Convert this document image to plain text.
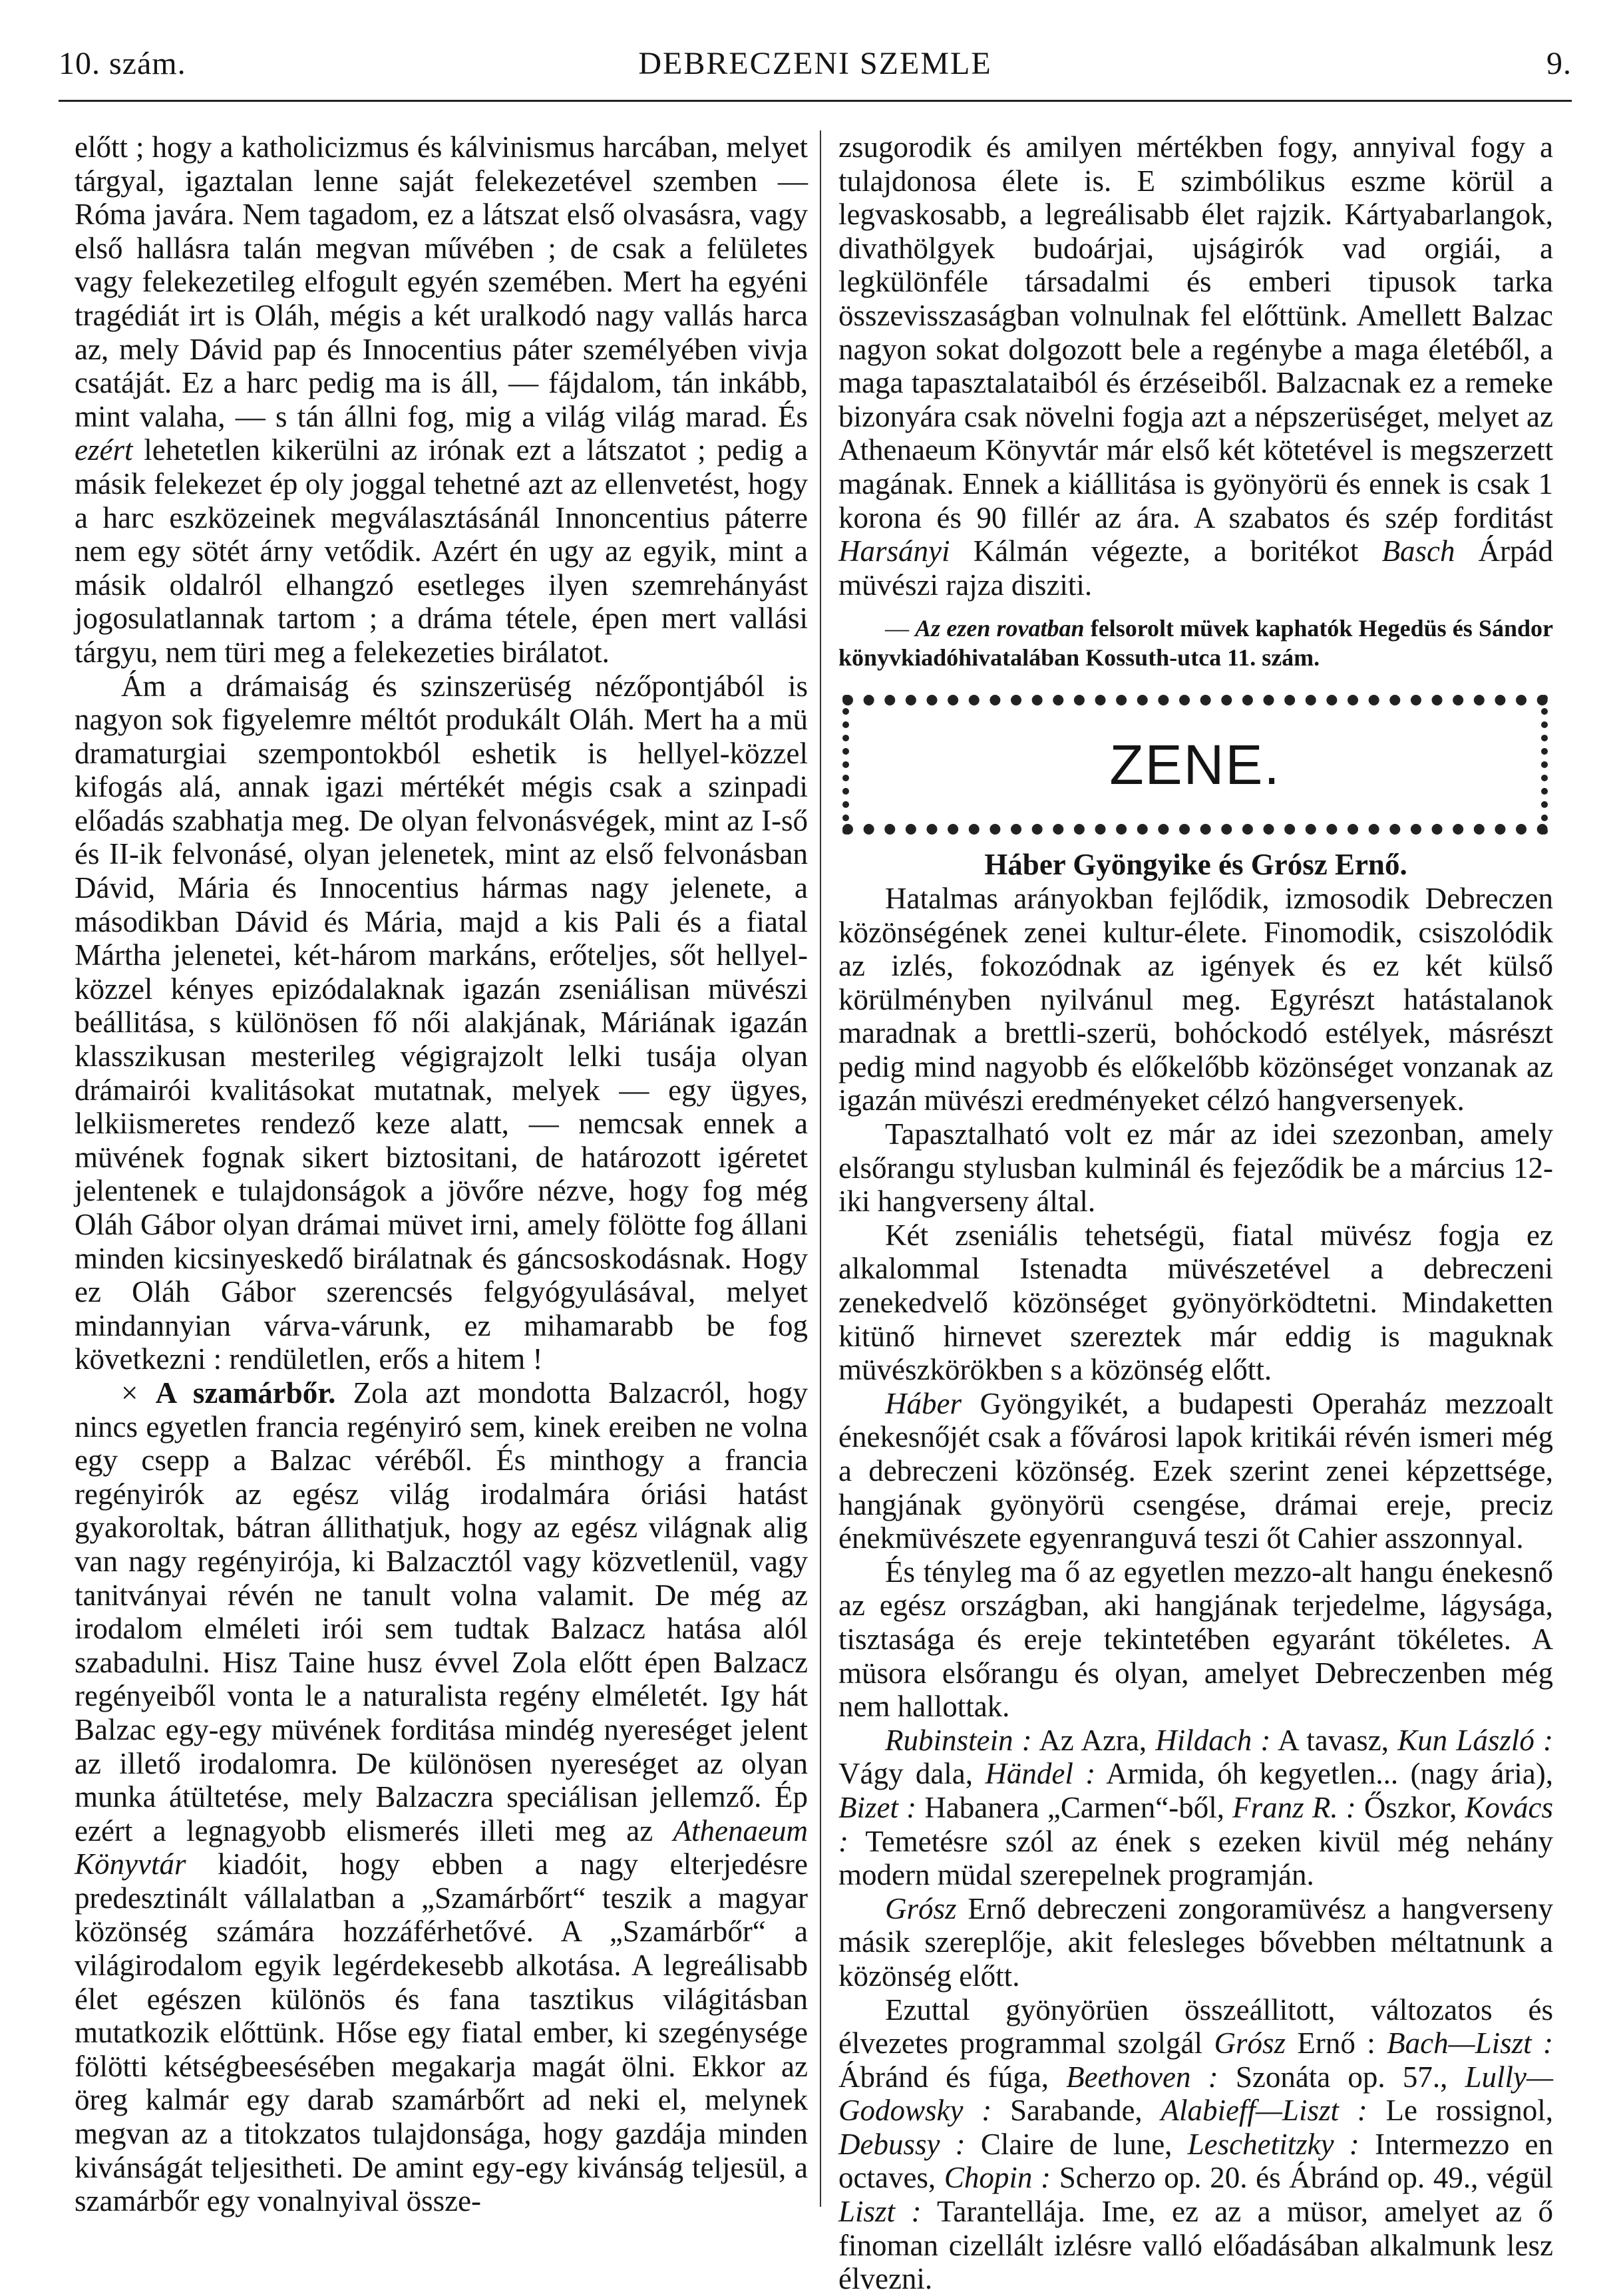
10. szám.	DEBRECZENI SZEMLE	9.

előtt ; hogy a katholicizmus és kálvinismus harcában, melyet tárgyal, igaztalan lenne saját felekezetével szemben — Róma javára. Nem tagadom, ez a látszat első olvasásra, vagy első hallásra talán megvan művében ; de csak a felületes vagy felekezetileg elfogult egyén szemében. Mert ha egyéni tragédiát irt is Oláh, mégis a két uralkodó nagy vallás harca az, mely Dávid pap és Innocentius páter személyében vivja csatáját. Ez a harc pedig ma is áll, — fájdalom, tán inkább, mint valaha, — s tán állni fog, mig a világ világ marad. És ezért lehetetlen kikerülni az irónak ezt a látszatot ; pedig a másik felekezet ép oly joggal tehetné azt az ellenvetést, hogy a harc eszközeinek megválasztásánál Innoncentius páterre nem egy sötét árny vetődik. Azért én ugy az egyik, mint a másik oldalról elhangzó esetleges ilyen szemrehányást jogosulatlannak tartom ; a dráma tétele, épen mert vallási tárgyu, nem türi meg a felekezeties birálatot.

Ám a drámaiság és szinszerüség nézőpontjából is nagyon sok figyelemre méltót produkált Oláh. Mert ha a mü dramaturgiai szempontokból eshetik is hellyel-közzel kifogás alá, annak igazi mértékét mégis csak a szinpadi előadás szabhatja meg. De olyan felvonásvégek, mint az I-ső és II-ik felvonásé, olyan jelenetek, mint az első felvonásban Dávid, Mária és Innocentius hármas nagy jelenete, a másodikban Dávid és Mária, majd a kis Pali és a fiatal Mártha jelenetei, két-három markáns, erőteljes, sőt hellyel-közzel kényes epizódalaknak igazán zseniálisan müvészi beállitása, s különösen fő női alakjának, Máriának igazán klasszikusan mesterileg végigrajzolt lelki tusája olyan drámairói kvalitásokat mutatnak, melyek — egy ügyes, lelkiismeretes rendező keze alatt, — nemcsak ennek a müvének fognak sikert biztositani, de határozott igéretet jelentenek e tulajdonságok a jövőre nézve, hogy fog még Oláh Gábor olyan drámai müvet irni, amely fölötte fog állani minden kicsinyeskedő birálatnak és gáncsoskodásnak. Hogy ez Oláh Gábor szerencsés felgyógyulásával, melyet mindannyian várva-várunk, ez mihamarabb be fog következni : rendületlen, erős a hitem !

× A szamárbőr. Zola azt mondotta Balzacról, hogy nincs egyetlen francia regényiró sem, kinek ereiben ne volna egy csepp a Balzac véréből. És minthogy a francia regényirók az egész világ irodalmára óriási hatást gyakoroltak, bátran állithatjuk, hogy az egész világnak alig van nagy regényirója, ki Balzacztól vagy közvetlenül, vagy tanitványai révén ne tanult volna valamit. De még az irodalom elméleti irói sem tudtak Balzacz hatása alól szabadulni. Hisz Taine husz évvel Zola előtt épen Balzacz regényeiből vonta le a naturalista regény elméletét. Igy hát Balzac egy-egy müvének forditása mindég nyereséget jelent az illető irodalomra. De különösen nyereséget az olyan munka átültetése, mely Balzaczra speciálisan jellemző. Ép ezért a legnagyobb elismerés illeti meg az Athenaeum Könyvtár kiadóit, hogy ebben a nagy elterjedésre predesztinált vállalatban a „Szamárbőrt“ teszik a magyar közönség számára hozzáférhetővé. A „Szamárbőr“ a világirodalom egyik legérdekesebb alkotása. A legreálisabb élet egészen különös és fana tasztikus világitásban mutatkozik előttünk. Hőse egy fiatal ember, ki szegénysége fölötti kétségbeesésében megakarja magát ölni. Ekkor az öreg kalmár egy darab szamárbőrt ad neki el, melynek megvan az a titokzatos tulajdonsága, hogy gazdája minden kivánságát teljesitheti. De amint egy-egy kivánság teljesül, a szamárbőr egy vonalnyival össze-

zsugorodik és amilyen mértékben fogy, annyival fogy a tulajdonosa élete is. E szimbólikus eszme körül a legvaskosabb, a legreálisabb élet rajzik. Kártyabarlangok, divathölgyek budoárjai, ujságirók vad orgiái, a legkülönféle társadalmi és emberi tipusok tarka összevisszaságban volnulnak fel előttünk. Amellett Balzac nagyon sokat dolgozott bele a regénybe a maga életéből, a maga tapasztalataiból és érzéseiből. Balzacnak ez a remeke bizonyára csak növelni fogja azt a népszerüséget, melyet az Athenaeum Könyvtár már első két kötetével is megszerzett magának. Ennek a kiállitása is gyönyörü és ennek is csak 1 korona és 90 fillér az ára. A szabatos és szép forditást Harsányi Kálmán végezte, a boritékot Basch Árpád müvészi rajza disziti.

— Az ezen rovatban felsorolt müvek kaphatók Hegedüs és Sándor könyvkiadóhivatalában Kossuth-utca 11. szám.

ZENE.

Háber Gyöngyike és Grósz Ernő.

Hatalmas arányokban fejlődik, izmosodik Debreczen közönségének zenei kultur-élete. Finomodik, csiszolódik az izlés, fokozódnak az igények és ez két külső körülményben nyilvánul meg. Egyrészt hatástalanok maradnak a brettli-szerü, bohóckodó estélyek, másrészt pedig mind nagyobb és előkelőbb közönséget vonzanak az igazán müvészi eredményeket célzó hangversenyek.

Tapasztalható volt ez már az idei szezonban, amely elsőrangu stylusban kulminál és fejeződik be a március 12-iki hangverseny által.

Két zseniális tehetségü, fiatal müvész fogja ez alkalommal Istenadta müvészetével a debreczeni zenekedvelő közönséget gyönyörködtetni. Mindaketten kitünő hirnevet szereztek már eddig is maguknak müvészkörökben s a közönség előtt.

Háber Gyöngyikét, a budapesti Operaház mezzoalt énekesnőjét csak a fővárosi lapok kritikái révén ismeri még a debreczeni közönség. Ezek szerint zenei képzettsége, hangjának gyönyörü csengése, drámai ereje, preciz énekmüvészete egyenranguvá teszi őt Cahier asszonnyal.

És tényleg ma ő az egyetlen mezzo-alt hangu énekesnő az egész országban, aki hangjának terjedelme, lágysága, tisztasága és ereje tekintetében egyaránt tökéletes. A müsora elsőrangu és olyan, amelyet Debreczenben még nem hallottak.

Rubinstein : Az Azra, Hildach : A tavasz, Kun László : Vágy dala, Händel : Armida, óh kegyetlen... (nagy ária), Bizet : Habanera „Carmen“-ből, Franz R. : Őszkor, Kovács : Temetésre szól az ének s ezeken kivül még nehány modern müdal szerepelnek programján.

Grósz Ernő debreczeni zongoramüvész a hangverseny másik szereplője, akit felesleges bővebben méltatnunk a közönség előtt.

Ezuttal gyönyörüen összeállitott, változatos és élvezetes programmal szolgál Grósz Ernő : Bach—Liszt : Ábránd és fúga, Beethoven : Szonáta op. 57., Lully—Godowsky : Sarabande, Alabieff—Liszt : Le rossignol, Debussy : Claire de lune, Leschetitzky : Intermezzo en octaves, Chopin : Scherzo op. 20. és Ábránd op. 49., végül Liszt : Tarantellája. Ime, ez az a müsor, amelyet az ő finoman cizellált izlésre valló előadásában alkalmunk lesz élvezni.
